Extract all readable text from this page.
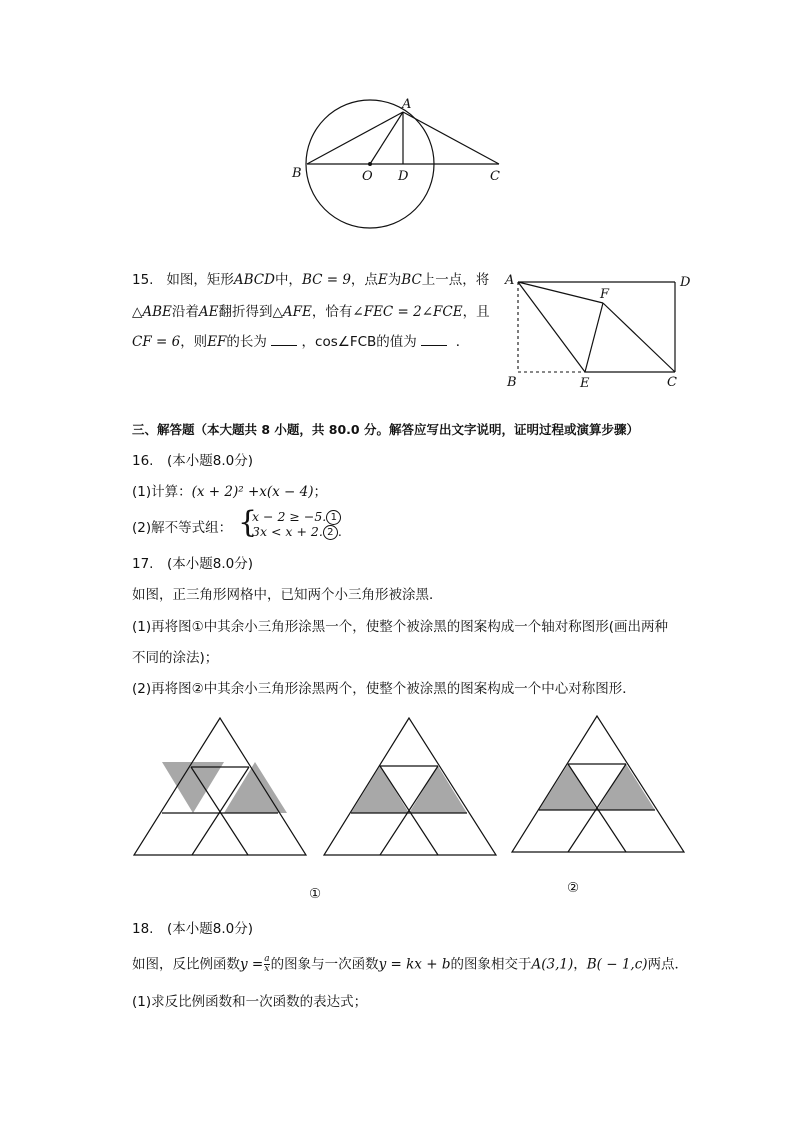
A
B	O D	C
15. 如图，矩形ABCD中，BC = 9，点E为BC上一点，将
△ABE沿着AE翻折得到△AFE，恰有∠FEC = 2∠FCE，且
CF = 6，则EF的长为	，cos∠FCB的值为	．
A	D
F
B	E	C
三、解答题（本大题共 8 小题，共 80.0 分。解答应写出文字说明，证明过程或演算步骤）
16.　(本小题8.0分)
(1)计算：(x + 2)² +x(x − 4)；
(2)解不等式组： {
x − 2 ≥ −5. 1
3x < x + 2. 2 .
17.　(本小题8.0分)
如图，正三角形网格中，已知两个小三角形被涂黑．
(1)再将图①中其余小三角形涂黑一个，使整个被涂黑的图案构成一个轴对称图形(画出两种
不同的涂法)；
(2)再将图②中其余小三角形涂黑两个，使整个被涂黑的图案构成一个中心对称图形．
①	②
18.　(本小题8.0分)
如图，反比例函数$y = \frac{a}{x}$ 的图象与一次函数y = kx + b的图象相交于A(3,1)，B( − 1,c)两点．
(1)求反比例函数和一次函数的表达式；
